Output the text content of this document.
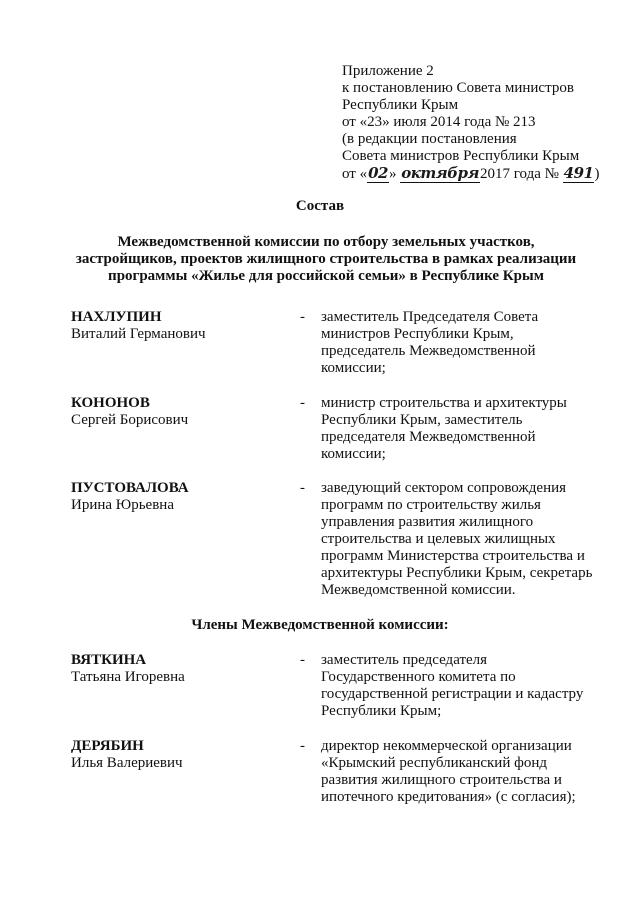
Приложение 2
к постановлению Совета министров
Республики Крым
от «23» июля 2014 года № 213
(в редакции постановления
Совета министров Республики Крым
от «02» октября2017 года № 491)
Состав
Межведомственной комиссии по отбору земельных участков,
застройщиков, проектов жилищного строительства в рамках реализации
программы «Жилье для российской семьи» в Республике Крым
НАХЛУПИН
Виталий Германович
- заместитель Председателя Совета
министров Республики Крым,
председатель Межведомственной
комиссии;
КОНОНОВ
Сергей Борисович
- министр строительства и архитектуры
Республики Крым, заместитель
председателя Межведомственной
комиссии;
ПУСТОВАЛОВА
Ирина Юрьевна
- заведующий сектором сопровождения
программ по строительству жилья
управления развития жилищного
строительства и целевых жилищных
программ Министерства строительства и
архитектуры Республики Крым, секретарь
Межведомственной комиссии.
Члены Межведомственной комиссии:
ВЯТКИНА
Татьяна Игоревна
- заместитель председателя
Государственного комитета по
государственной регистрации и кадастру
Республики Крым;
ДЕРЯБИН
Илья Валериевич
- директор некоммерческой организации
«Крымский республиканский фонд
развития жилищного строительства и
ипотечного кредитования» (с согласия);
